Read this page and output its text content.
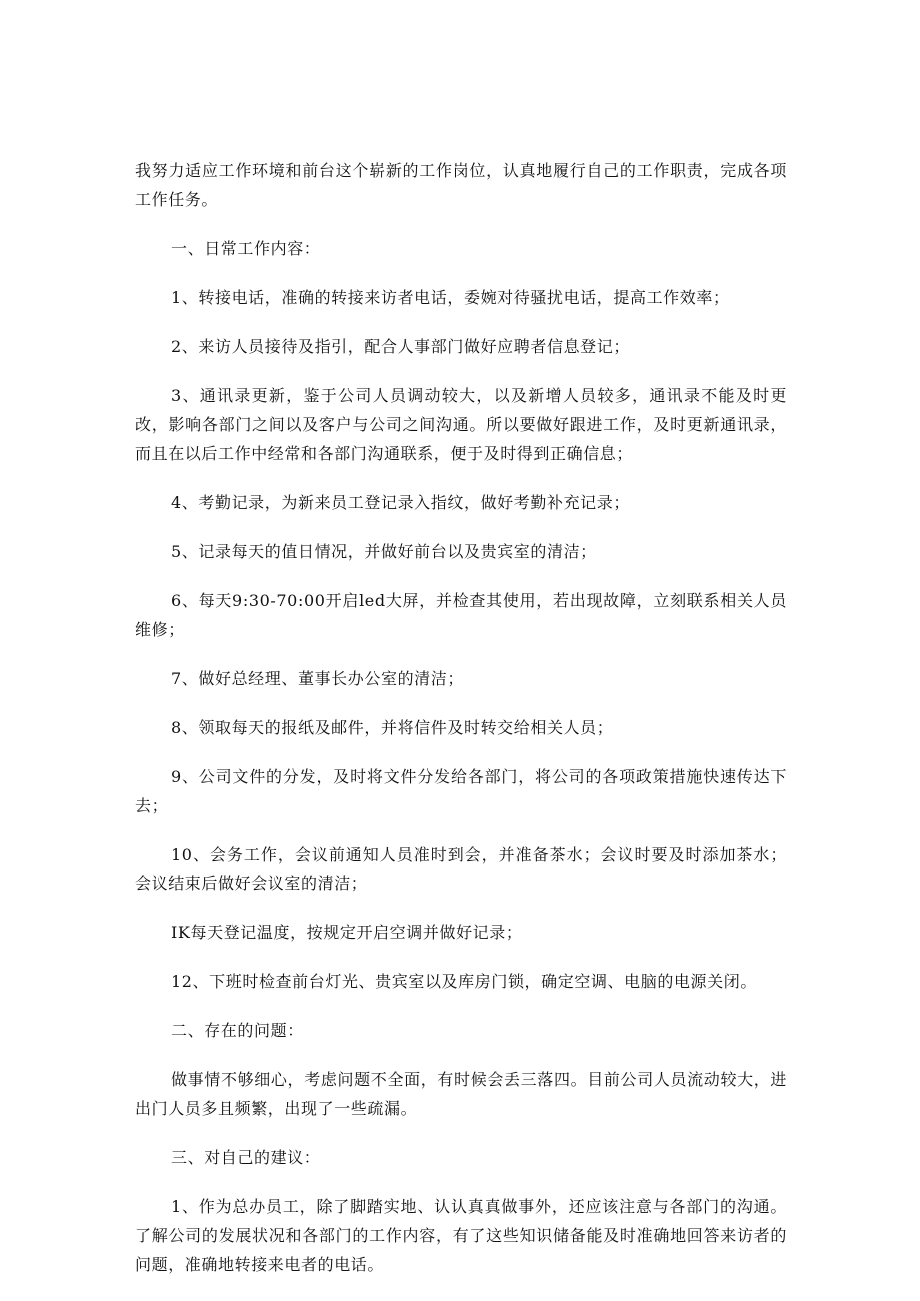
我努力适应工作环境和前台这个崭新的工作岗位，认真地履行自己的工作职责，完成各项工作任务。

一、日常工作内容：

1、转接电话，准确的转接来访者电话，委婉对待骚扰电话，提高工作效率；

2、来访人员接待及指引，配合人事部门做好应聘者信息登记；

3、通讯录更新，鉴于公司人员调动较大，以及新增人员较多，通讯录不能及时更改，影响各部门之间以及客户与公司之间沟通。所以要做好跟进工作，及时更新通讯录，而且在以后工作中经常和各部门沟通联系，便于及时得到正确信息；

4、考勤记录，为新来员工登记录入指纹，做好考勤补充记录；

5、记录每天的值日情况，并做好前台以及贵宾室的清洁；

6、每天9:30-70:00开启led大屏，并检查其使用，若出现故障，立刻联系相关人员维修；

7、做好总经理、董事长办公室的清洁；

8、领取每天的报纸及邮件，并将信件及时转交给相关人员；

9、公司文件的分发，及时将文件分发给各部门，将公司的各项政策措施快速传达下去；

10、会务工作，会议前通知人员准时到会，并准备茶水；会议时要及时添加茶水；会议结束后做好会议室的清洁；

IK每天登记温度，按规定开启空调并做好记录；

12、下班时检查前台灯光、贵宾室以及库房门锁，确定空调、电脑的电源关闭。

二、存在的问题：

做事情不够细心，考虑问题不全面，有时候会丢三落四。目前公司人员流动较大，进出门人员多且频繁，出现了一些疏漏。

三、对自己的建议：

1、作为总办员工，除了脚踏实地、认认真真做事外，还应该注意与各部门的沟通。了解公司的发展状况和各部门的工作内容，有了这些知识储备能及时准确地回答来访者的问题，准确地转接来电者的电话。
